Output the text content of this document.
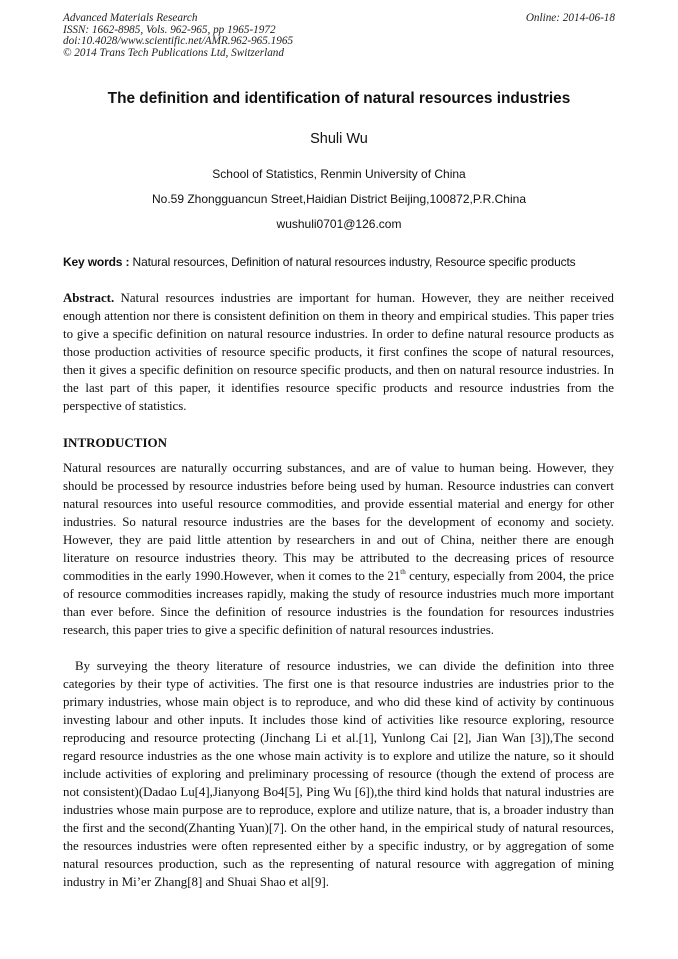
Advanced Materials Research
ISSN: 1662-8985, Vols. 962-965, pp 1965-1972
doi:10.4028/www.scientific.net/AMR.962-965.1965
© 2014 Trans Tech Publications Ltd, Switzerland
Online: 2014-06-18
The definition and identification of natural resources industries
Shuli Wu
School of Statistics, Renmin University of China
No.59 Zhongguancun Street,Haidian District Beijing,100872,P.R.China
wushuli0701@126.com
Key words : Natural resources, Definition of natural resources industry, Resource specific products

Abstract. Natural resources industries are important for human. However, they are neither received enough attention nor there is consistent definition on them in theory and empirical studies. This paper tries to give a specific definition on natural resource industries. In order to define natural resource products as those production activities of resource specific products, it first confines the scope of natural resources, then it gives a specific definition on resource specific products, and then on natural resource industries. In the last part of this paper, it identifies resource specific products and resource industries from the perspective of statistics.

INTRODUCTION

Natural resources are naturally occurring substances, and are of value to human being. However, they should be processed by resource industries before being used by human. Resource industries can convert natural resources into useful resource commodities, and provide essential material and energy for other industries. So natural resource industries are the bases for the development of economy and society. However, they are paid little attention by researchers in and out of China, neither there are enough literature on resource industries theory. This may be attributed to the decreasing prices of resource commodities in the early 1990.However, when it comes to the 21th century, especially from 2004, the price of resource commodities increases rapidly, making the study of resource industries much more important than ever before. Since the definition of resource industries is the foundation for resources industries research, this paper tries to give a specific definition of natural resources industries.

By surveying the theory literature of resource industries, we can divide the definition into three categories by their type of activities. The first one is that resource industries are industries prior to the primary industries, whose main object is to reproduce, and who did these kind of activity by continuous investing labour and other inputs. It includes those kind of activities like resource exploring, resource reproducing and resource protecting (Jinchang Li et al.[1], Yunlong Cai [2], Jian Wan [3]),The second regard resource industries as the one whose main activity is to explore and utilize the nature, so it should include activities of exploring and preliminary processing of resource (though the extend of process are not consistent)(Dadao Lu[4],Jianyong Bo4[5], Ping Wu [6]),the third kind holds that natural industries are industries whose main purpose are to reproduce, explore and utilize nature, that is, a broader industry than the first and the second(Zhanting Yuan)[7]. On the other hand, in the empirical study of natural resources, the resources industries were often represented either by a specific industry, or by aggregation of some natural resources production, such as the representing of natural resource with aggregation of mining industry in Mi’er Zhang[8] and Shuai Shao et al[9].
